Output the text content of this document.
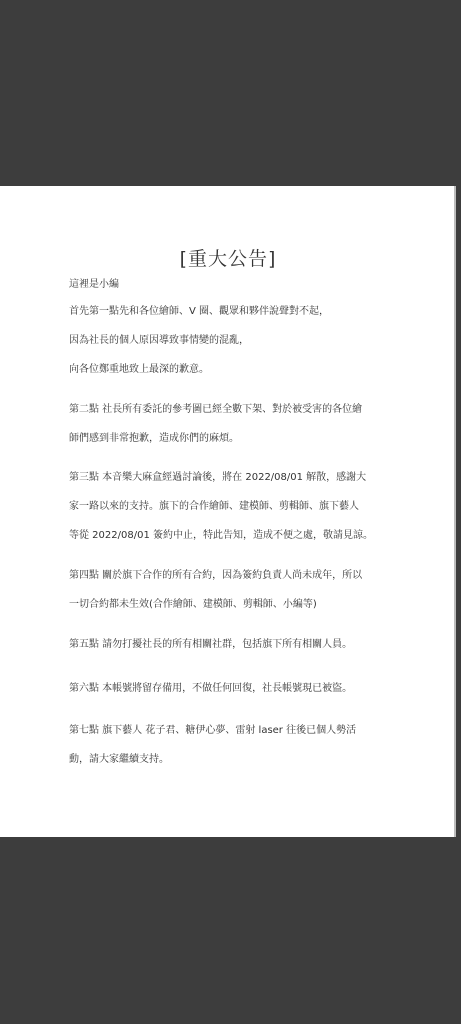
[重大公告]
這裡是小編
首先第一點先和各位繪師、V 圈、觀眾和夥伴說聲對不起，
因為社長的個人原因導致事情變的混亂，
向各位鄭重地致上最深的歉意。
第二點 社長所有委託的參考圖已經全數下架、對於被受害的各位繪
師們感到非常抱歉，造成你們的麻煩。
第三點 本音樂大麻盒經過討論後，將在 2022/08/01 解散，感謝大
家一路以來的支持。旗下的合作繪師、建模師、剪輯師、旗下藝人
等從 2022/08/01 簽約中止，特此告知，造成不便之處，敬請見諒。
第四點 關於旗下合作的所有合約，因為簽約負責人尚未成年，所以
一切合約都未生效(合作繪師、建模師、剪輯師、小編等)
第五點 請勿打擾社長的所有相關社群，包括旗下所有相關人員。
第六點 本帳號將留存備用，不做任何回復，社長帳號現已被盜。
第七點 旗下藝人 花子君、糖伊心夢、雷射 laser 往後已個人勢活
動，請大家繼續支持。
